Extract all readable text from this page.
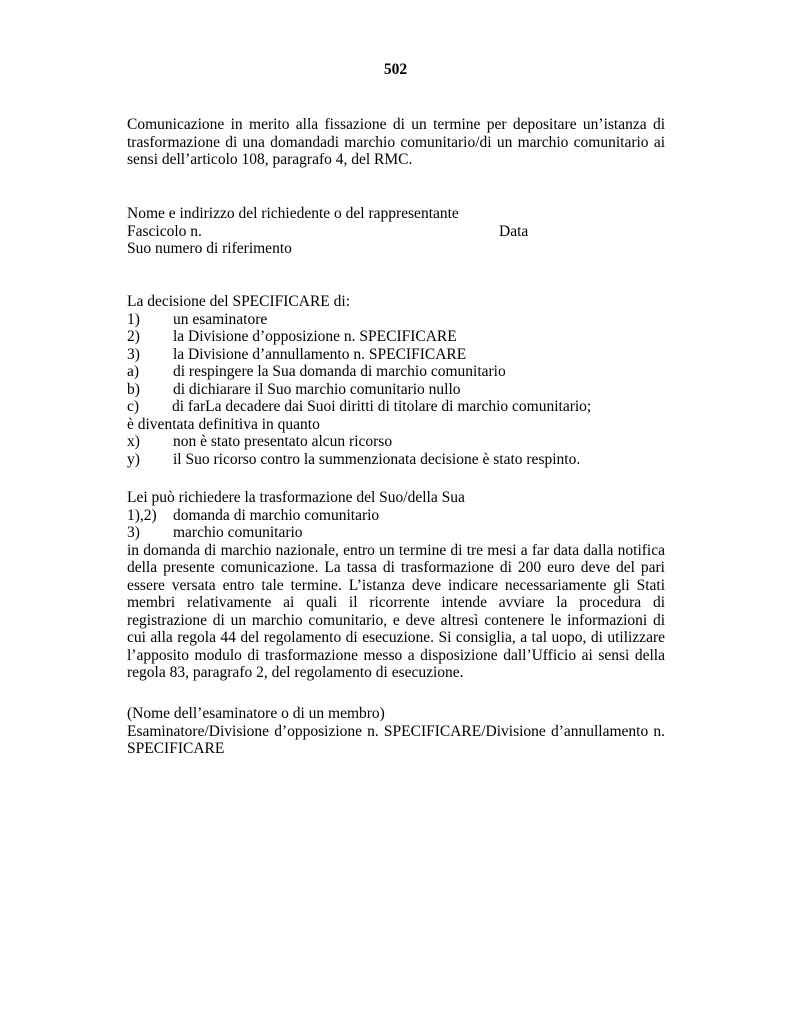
502

Comunicazione in merito alla fissazione di un termine per depositare un’istanza di trasformazione di una domandadi marchio comunitario/di un marchio comunitario ai sensi dell’articolo 108, paragrafo 4, del RMC.

Nome e indirizzo del richiedente o del rappresentante
Fascicolo n.	Data
Suo numero di riferimento
La decisione del SPECIFICARE di:
1) un esaminatore
2) la Divisione d’opposizione n. SPECIFICARE
3) la Divisione d’annullamento n. SPECIFICARE
a) di respingere la Sua domanda di marchio comunitario
b) di dichiarare il Suo marchio comunitario nullo
c) di farLa decadere dai Suoi diritti di titolare di marchio comunitario;
è diventata definitiva in quanto
x) non è stato presentato alcun ricorso
y) il Suo ricorso contro la summenzionata decisione è stato respinto.
Lei può richiedere la trasformazione del Suo/della Sua
1),2) domanda di marchio comunitario
3) marchio comunitario

in domanda di marchio nazionale, entro un termine di tre mesi a far data dalla notifica della presente comunicazione. La tassa di trasformazione di 200 euro deve del pari essere versata entro tale termine. L’istanza deve indicare necessariamente gli Stati membri relativamente ai quali il ricorrente intende avviare la procedura di registrazione di un marchio comunitario, e deve altresì contenere le informazioni di cui alla regola 44 del regolamento di esecuzione. Si consiglia, a tal uopo, di utilizzare l’apposito modulo di trasformazione messo a disposizione dall’Ufficio ai sensi della regola 83, paragrafo 2, del regolamento di esecuzione.

(Nome dell’esaminatore o di un membro)

Esaminatore/Divisione d’opposizione n. SPECIFICARE/Divisione d’annullamento n. SPECIFICARE
